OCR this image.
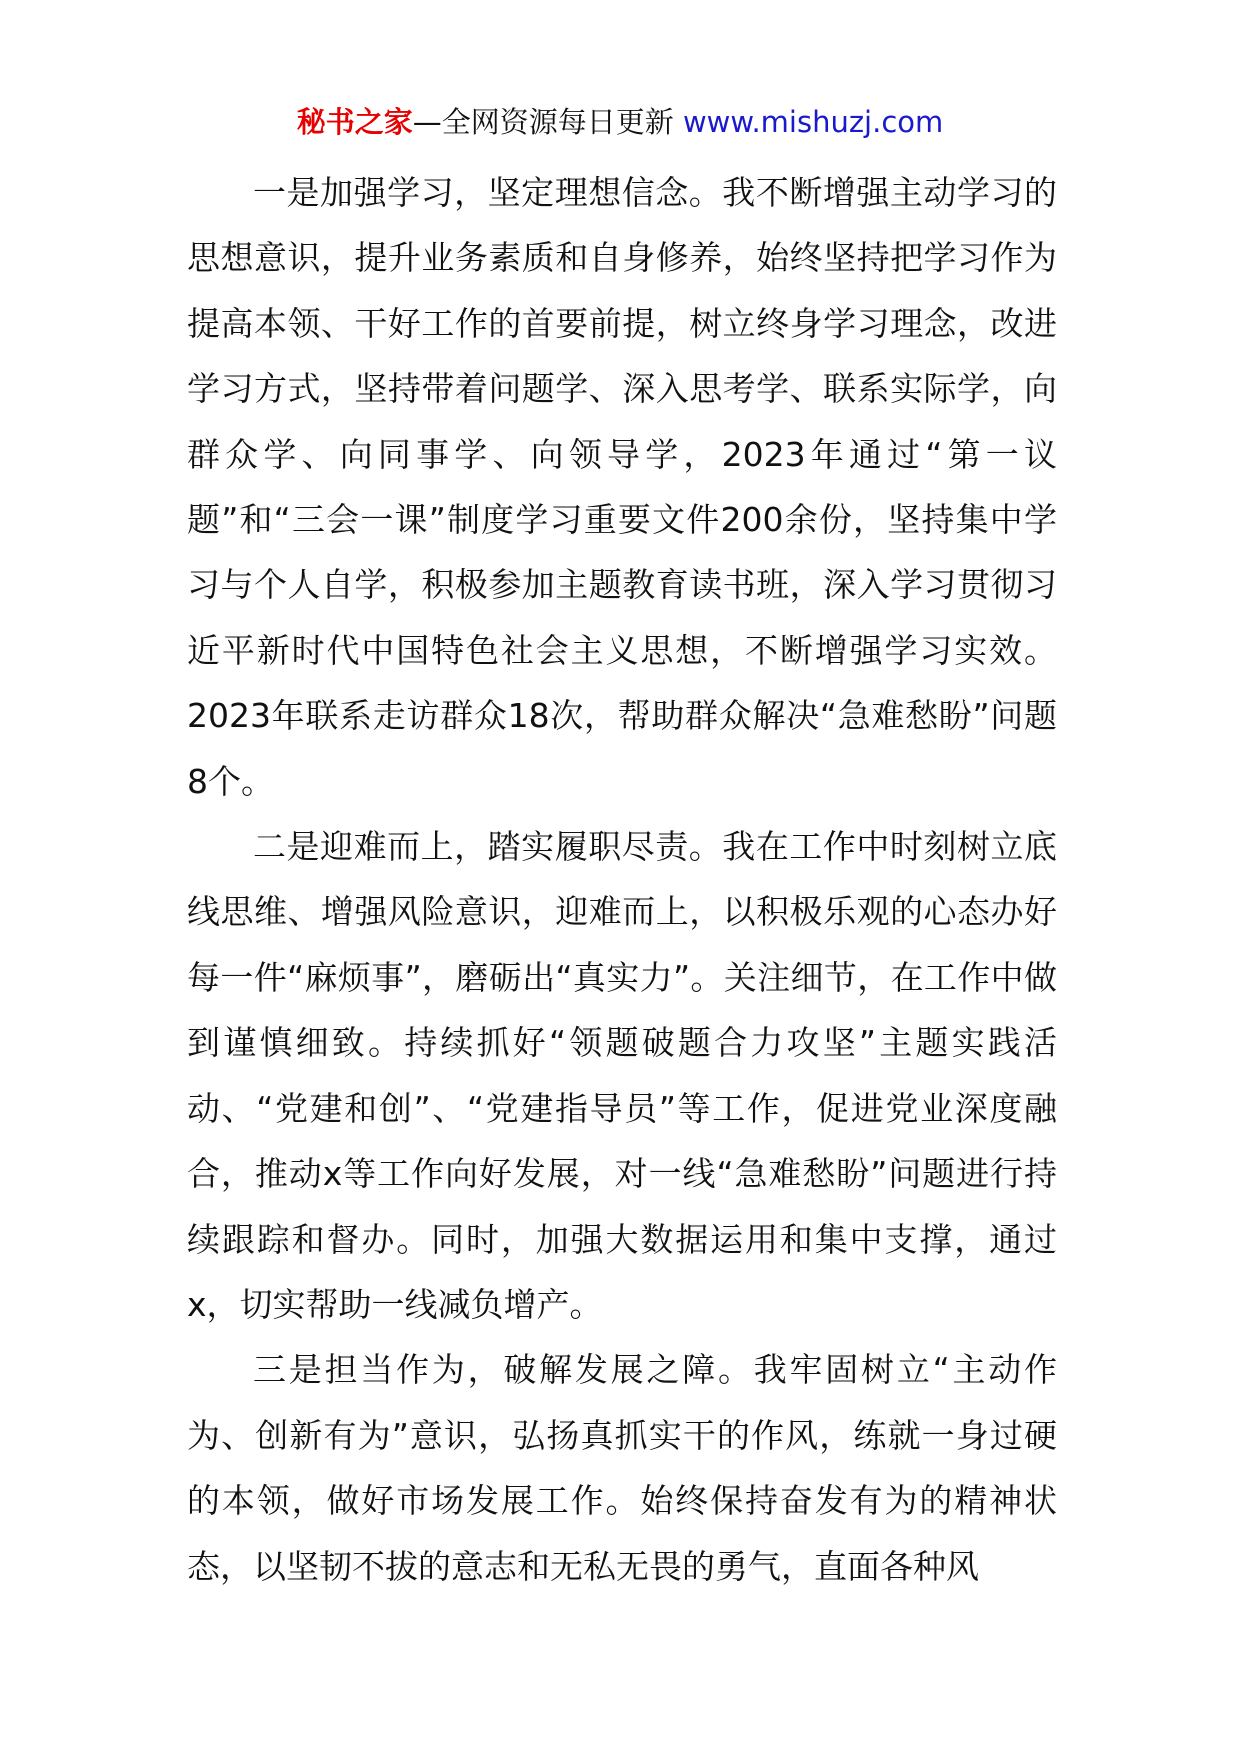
秘书之家—全网资源每日更新 www.mishuzj.com

一是加强学习，坚定理想信念。我不断增强主动学习的思想意识，提升业务素质和自身修养，始终坚持把学习作为提高本领、干好工作的首要前提，树立终身学习理念，改进学习方式，坚持带着问题学、深入思考学、联系实际学，向群众学、向同事学、向领导学，2023年通过“第一议题”和“三会一课”制度学习重要文件200余份，坚持集中学习与个人自学，积极参加主题教育读书班，深入学习贯彻习近平新时代中国特色社会主义思想，不断增强学习实效。2023年联系走访群众18次，帮助群众解决“急难愁盼”问题8个。

二是迎难而上，踏实履职尽责。我在工作中时刻树立底线思维、增强风险意识，迎难而上，以积极乐观的心态办好每一件“麻烦事”，磨砺出“真实力”。关注细节，在工作中做到谨慎细致。持续抓好“领题破题合力攻坚”主题实践活动、“党建和创”、“党建指导员”等工作，促进党业深度融合，推动x等工作向好发展，对一线“急难愁盼”问题进行持续跟踪和督办。同时，加强大数据运用和集中支撑，通过x，切实帮助一线减负增产。

三是担当作为，破解发展之障。我牢固树立“主动作为、创新有为”意识，弘扬真抓实干的作风，练就一身过硬的本领，做好市场发展工作。始终保持奋发有为的精神状态，以坚韧不拔的意志和无私无畏的勇气，直面各种风
